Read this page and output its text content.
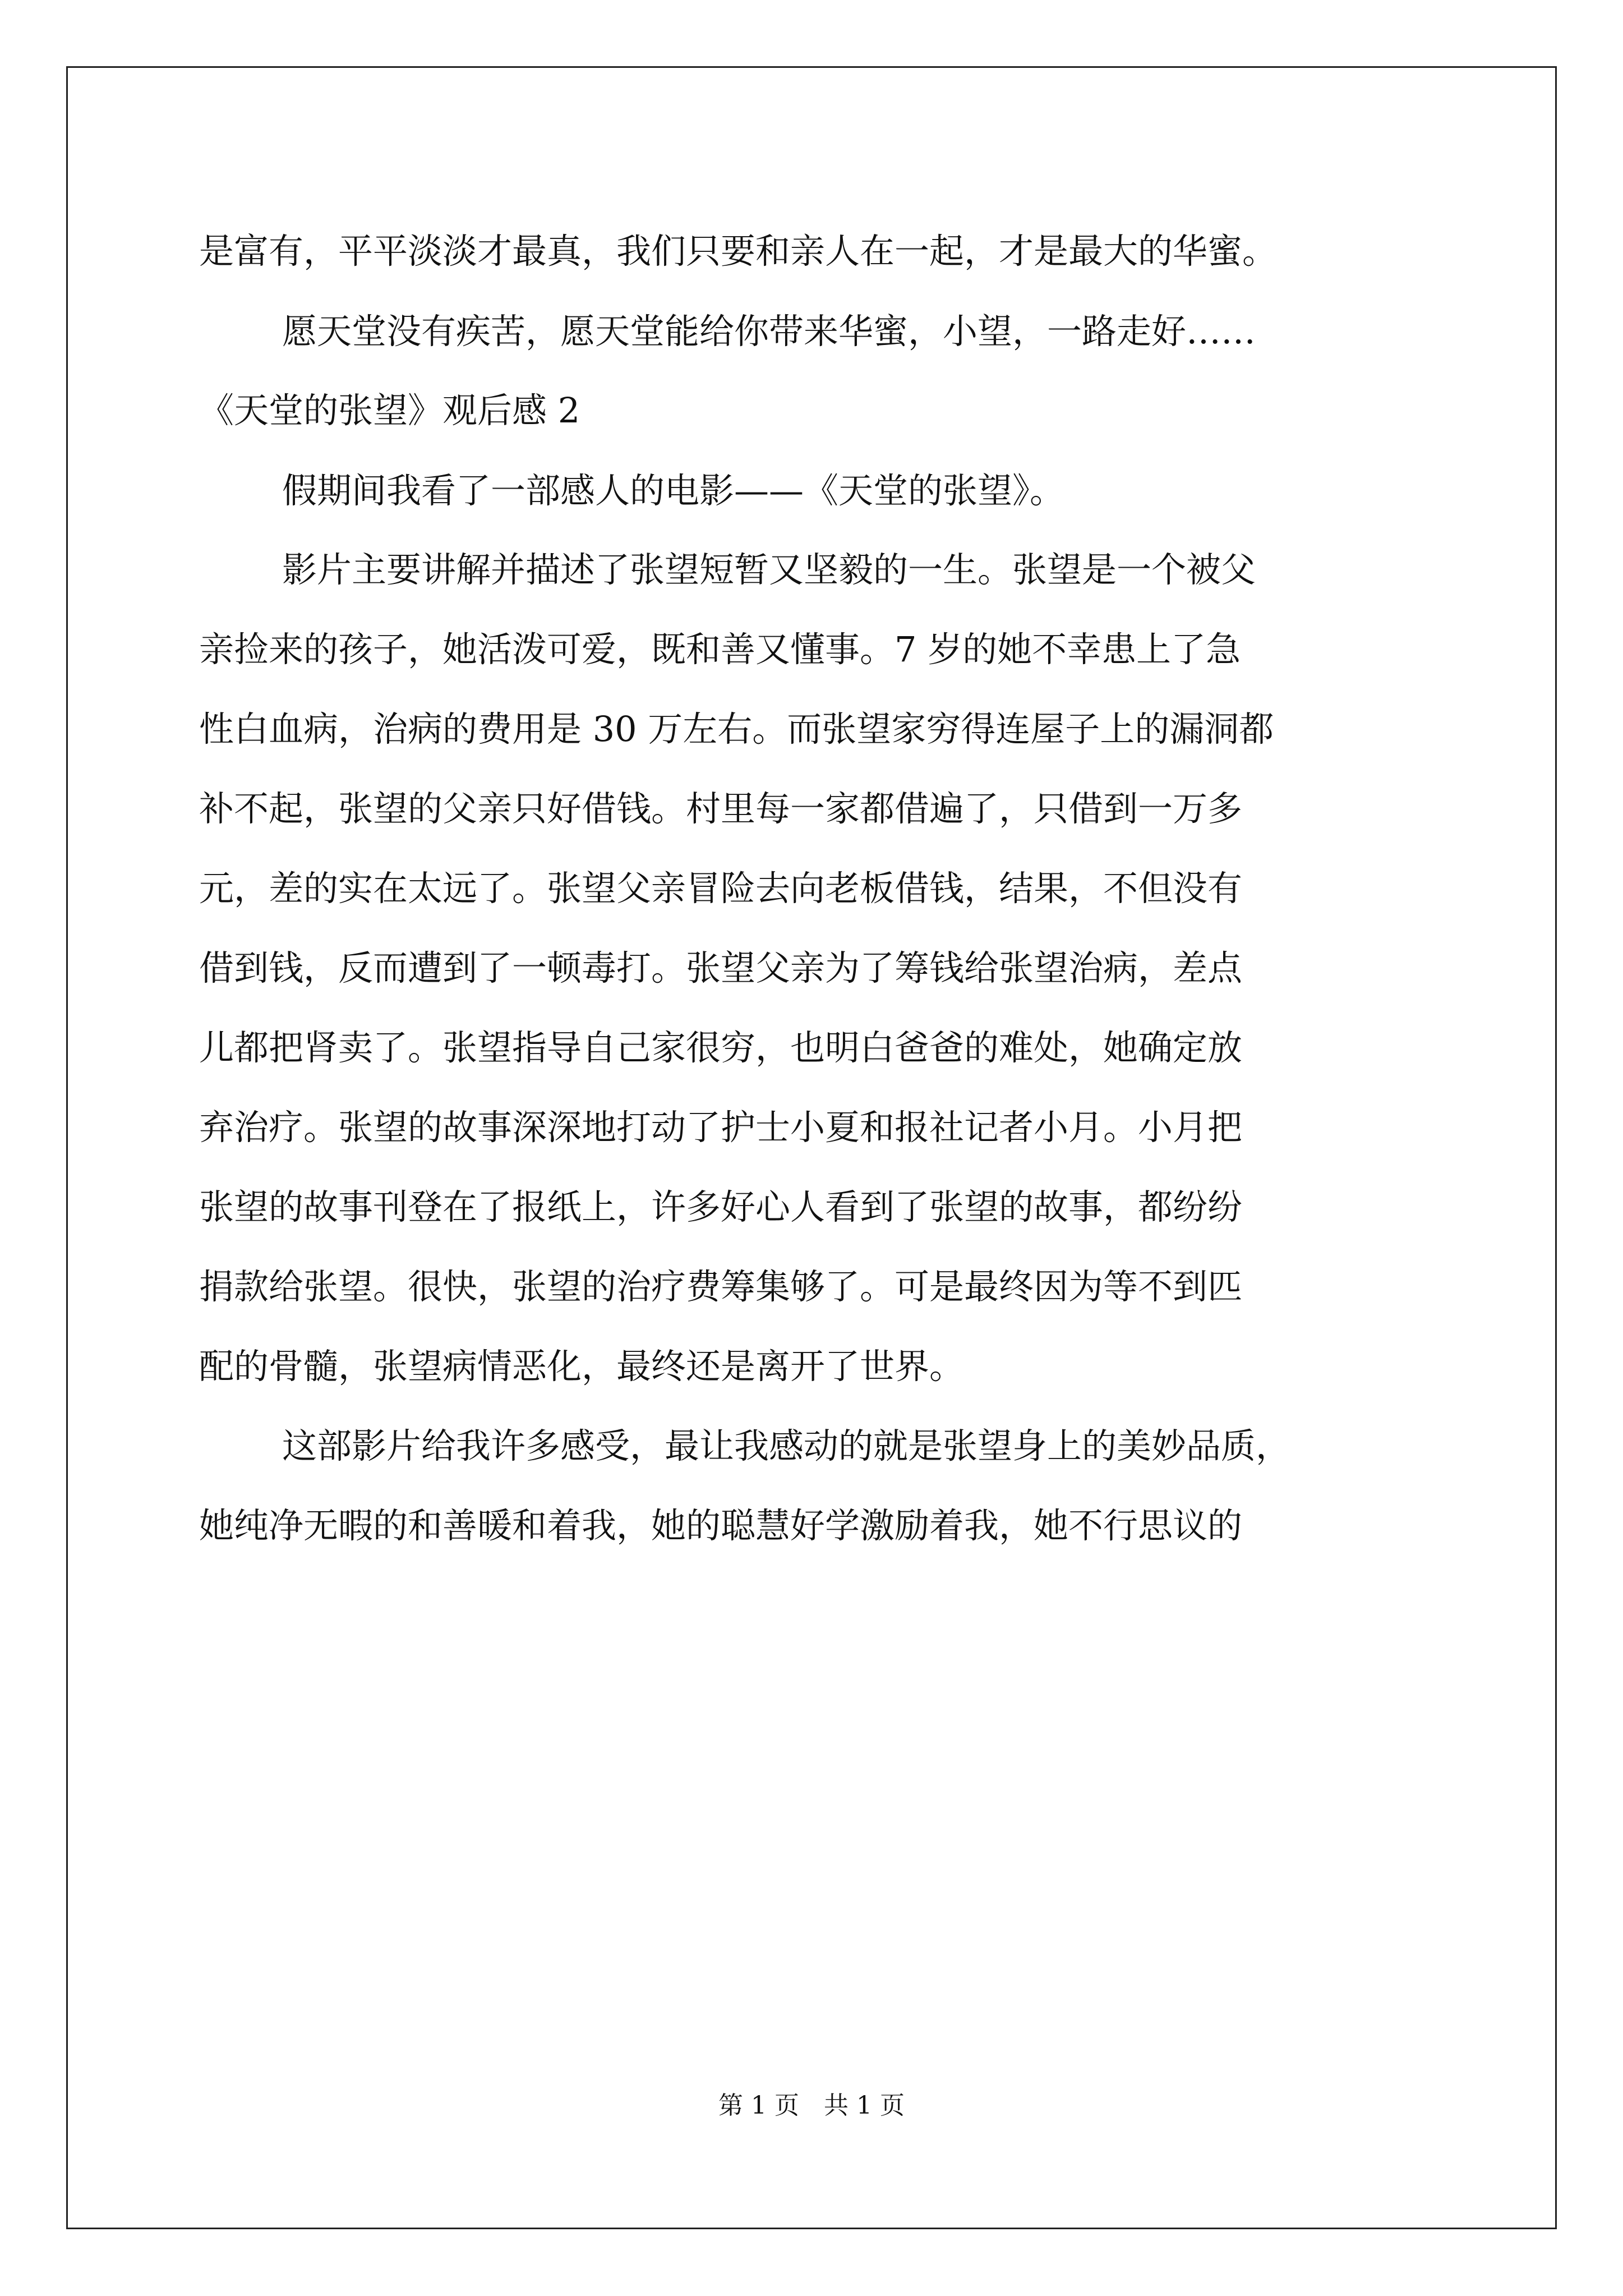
是富有，平平淡淡才最真，我们只要和亲人在一起，才是最大的华蜜。
愿天堂没有疾苦，愿天堂能给你带来华蜜，小望，一路走好……
《天堂的张望》观后感 2
假期间我看了一部感人的电影——《天堂的张望》。
影片主要讲解并描述了张望短暂又坚毅的一生。张望是一个被父
亲捡来的孩子，她活泼可爱，既和善又懂事。7 岁的她不幸患上了急
性白血病，治病的费用是 30 万左右。而张望家穷得连屋子上的漏洞都
补不起，张望的父亲只好借钱。村里每一家都借遍了，只借到一万多
元，差的实在太远了。张望父亲冒险去向老板借钱，结果，不但没有
借到钱，反而遭到了一顿毒打。张望父亲为了筹钱给张望治病，差点
儿都把肾卖了。张望指导自己家很穷，也明白爸爸的难处，她确定放
弃治疗。张望的故事深深地打动了护士小夏和报社记者小月。小月把
张望的故事刊登在了报纸上，许多好心人看到了张望的故事，都纷纷
捐款给张望。很快，张望的治疗费筹集够了。可是最终因为等不到匹
配的骨髓，张望病情恶化，最终还是离开了世界。
这部影片给我许多感受，最让我感动的就是张望身上的美妙品质，
她纯净无暇的和善暖和着我，她的聪慧好学激励着我，她不行思议的
第 1 页 共 1 页
